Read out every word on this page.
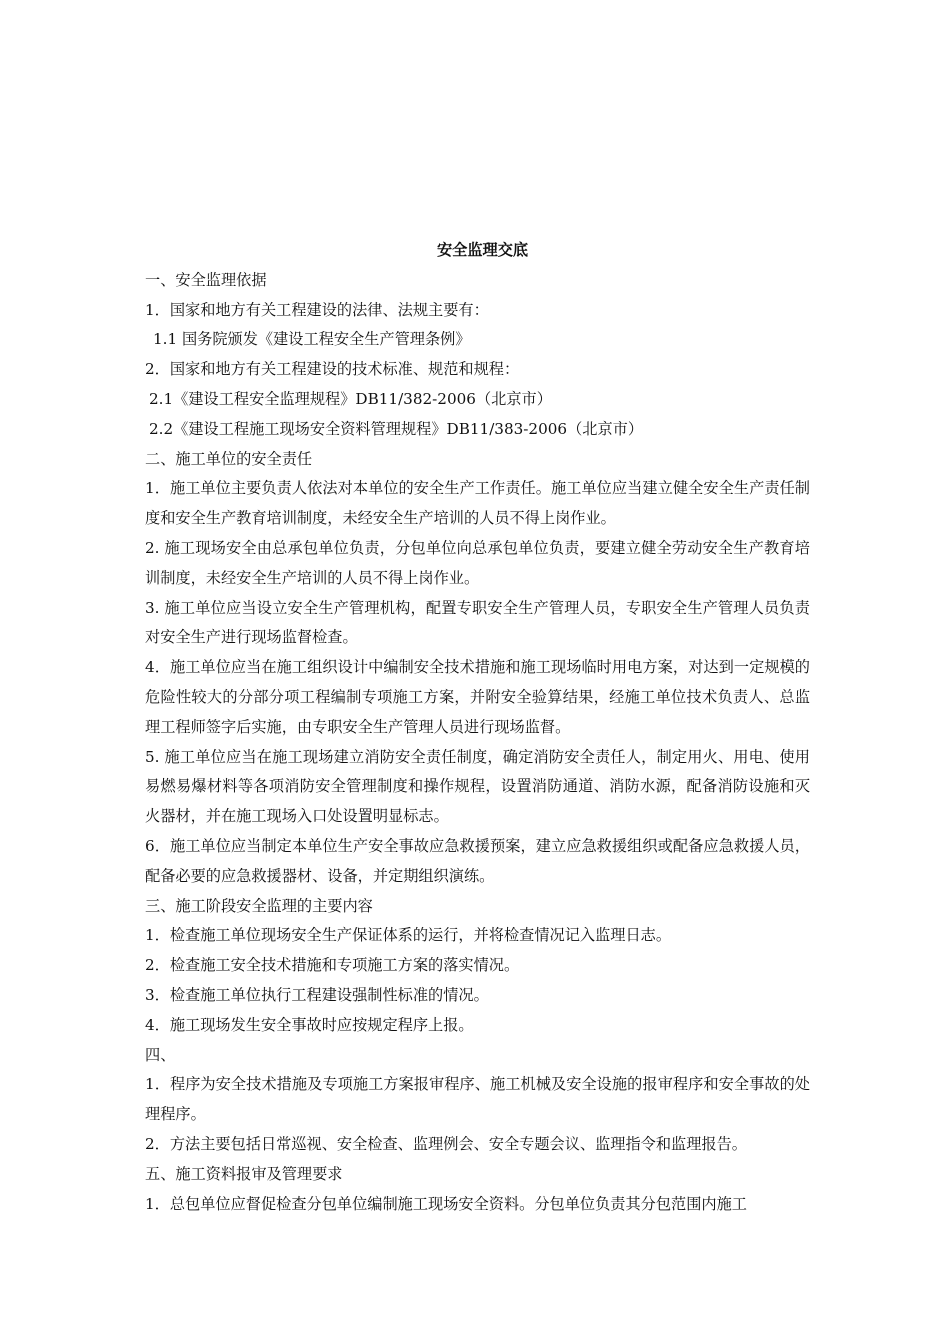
安全监理交底
一、安全监理依据
1．国家和地方有关工程建设的法律、法规主要有：
1.1 国务院颁发《建设工程安全生产管理条例》
2．国家和地方有关工程建设的技术标准、规范和规程：
2.1《建设工程安全监理规程》DB11/382-2006（北京市）
2.2《建设工程施工现场安全资料管理规程》DB11/383-2006（北京市）
二、施工单位的安全责任
1．施工单位主要负责人依法对本单位的安全生产工作责任。施工单位应当建立健全安全生产责任制度和安全生产教育培训制度，未经安全生产培训的人员不得上岗作业。
2. 施工现场安全由总承包单位负责，分包单位向总承包单位负责，要建立健全劳动安全生产教育培训制度，未经安全生产培训的人员不得上岗作业。
3. 施工单位应当设立安全生产管理机构，配置专职安全生产管理人员，专职安全生产管理人员负责对安全生产进行现场监督检查。
4．施工单位应当在施工组织设计中编制安全技术措施和施工现场临时用电方案，对达到一定规模的危险性较大的分部分项工程编制专项施工方案，并附安全验算结果，经施工单位技术负责人、总监理工程师签字后实施，由专职安全生产管理人员进行现场监督。
5. 施工单位应当在施工现场建立消防安全责任制度，确定消防安全责任人，制定用火、用电、使用易燃易爆材料等各项消防安全管理制度和操作规程，设置消防通道、消防水源，配备消防设施和灭火器材，并在施工现场入口处设置明显标志。
6．施工单位应当制定本单位生产安全事故应急救援预案，建立应急救援组织或配备应急救援人员，配备必要的应急救援器材、设备，并定期组织演练。
三、施工阶段安全监理的主要内容
1．检查施工单位现场安全生产保证体系的运行，并将检查情况记入监理日志。
2．检查施工安全技术措施和专项施工方案的落实情况。
3．检查施工单位执行工程建设强制性标准的情况。
4．施工现场发生安全事故时应按规定程序上报。
四、
1．程序为安全技术措施及专项施工方案报审程序、施工机械及安全设施的报审程序和安全事故的处理程序。
2．方法主要包括日常巡视、安全检查、监理例会、安全专题会议、监理指令和监理报告。
五、施工资料报审及管理要求
1．总包单位应督促检查分包单位编制施工现场安全资料。分包单位负责其分包范围内施工
